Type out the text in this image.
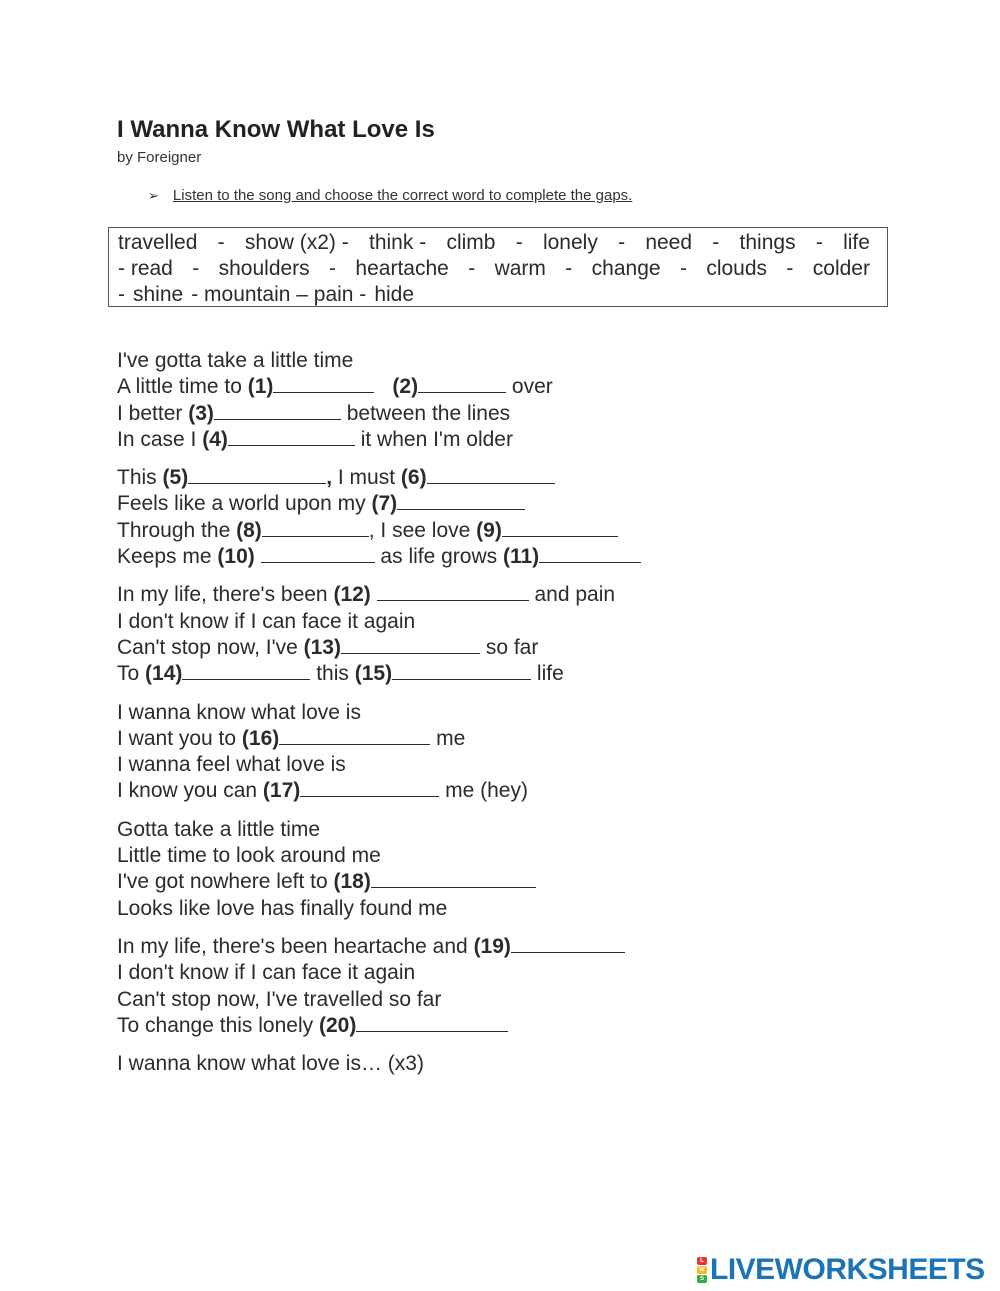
I Wanna Know What Love Is
by Foreigner
➢ Listen to the song and choose the correct word to complete the gaps.
travelled - show (x2) - think - climb - lonely - need - things - life
- read - shoulders - heartache - warm - change - clouds - colder
- shine - mountain – pain - hide
I've gotta take a little time
A little time to (1)	(2)	over
I better (3)	between the lines
In case I (4)	it when I'm older
This (5)	, I must (6)
Feels like a world upon my (7)
Through the (8)	, I see love (9)
Keeps me (10)	as life grows (11)
In my life, there's been (12)	and pain
I don't know if I can face it again
Can't stop now, I've (13)	so far
To (14)	this (15)	life
I wanna know what love is
I want you to (16)	me
I wanna feel what love is
I know you can (17)	me (hey)
Gotta take a little time
Little time to look around me
I've got nowhere left to (18)
Looks like love has finally found me
In my life, there's been heartache and (19)
I don't know if I can face it again
Can't stop now, I've travelled so far
To change this lonely (20)
I wanna know what love is… (x3)
L
W
S LIVEWORKSHEETS
